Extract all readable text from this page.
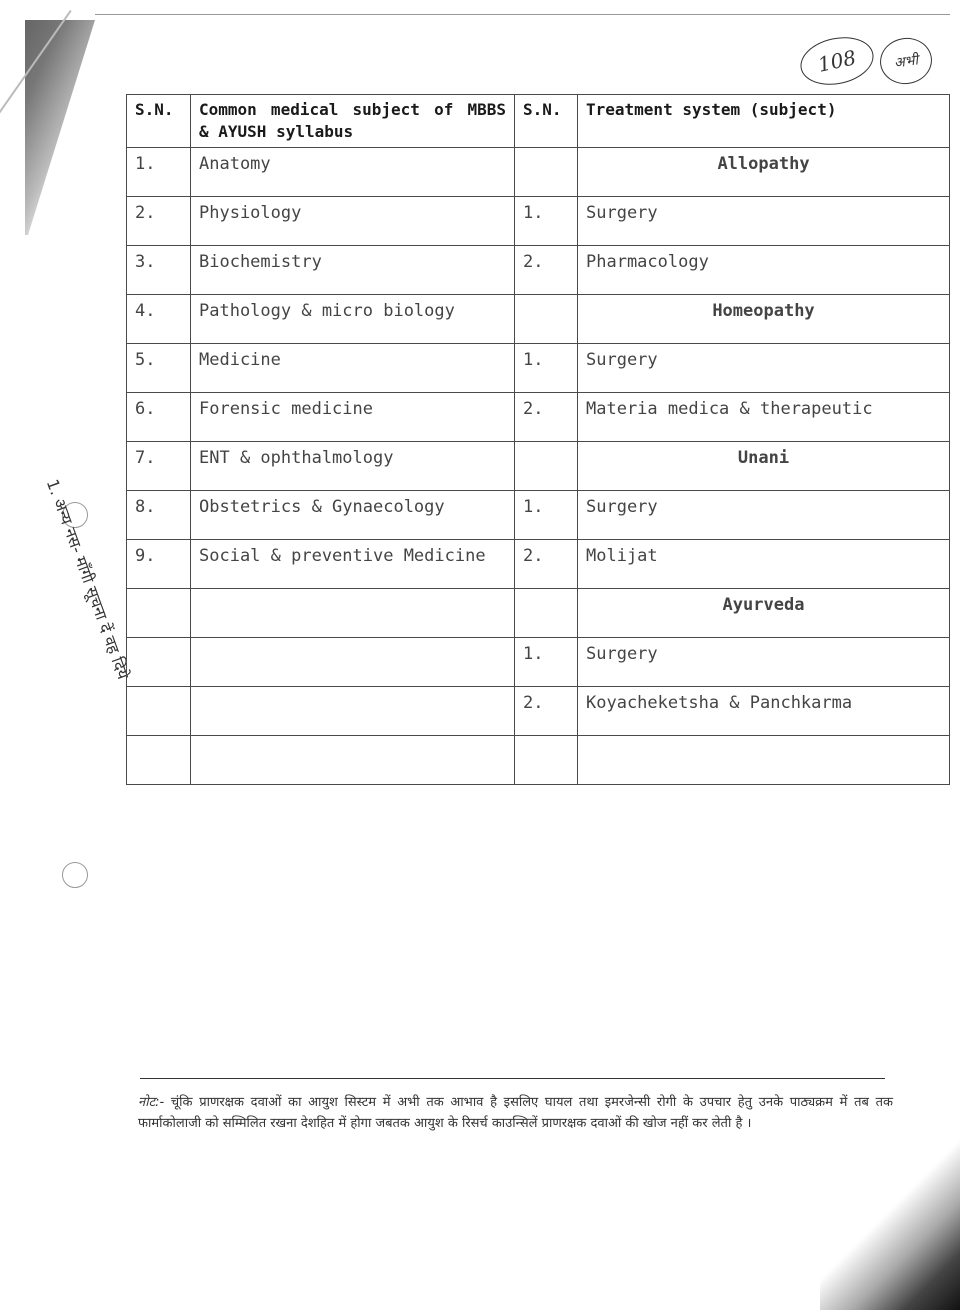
108	अभी
1. अन्य नस- माँगी सूचना दें वह दिये
S.N.	Common medical subject of MBBS & AYUSH syllabus	S.N.	Treatment system (subject)
1.	Anatomy		Allopathy
2.	Physiology	1.	Surgery
3.	Biochemistry	2.	Pharmacology
4.	Pathology & micro biology		Homeopathy
5.	Medicine	1.	Surgery
6.	Forensic medicine	2.	Materia medica & therapeutic
7.	ENT & ophthalmology		Unani
8.	Obstetrics & Gynaecology	1.	Surgery
9.	Social & preventive Medicine	2.	Molijat
			Ayurveda
		1.	Surgery
		2.	Koyacheketsha & Panchkarma

नोट:- चूंकि प्राणरक्षक दवाओं का आयुश सिस्टम में अभी तक आभाव है इसलिए घायल तथा इमरजेन्सी रोगी के उपचार हेतु उनके पाठ्यक्रम में तब तक फार्माकोलाजी को सम्मिलित रखना देशहित में होगा जबतक आयुश के रिसर्च काउन्सिलें प्राणरक्षक दवाओं की खोज नहीं कर लेती है ।
